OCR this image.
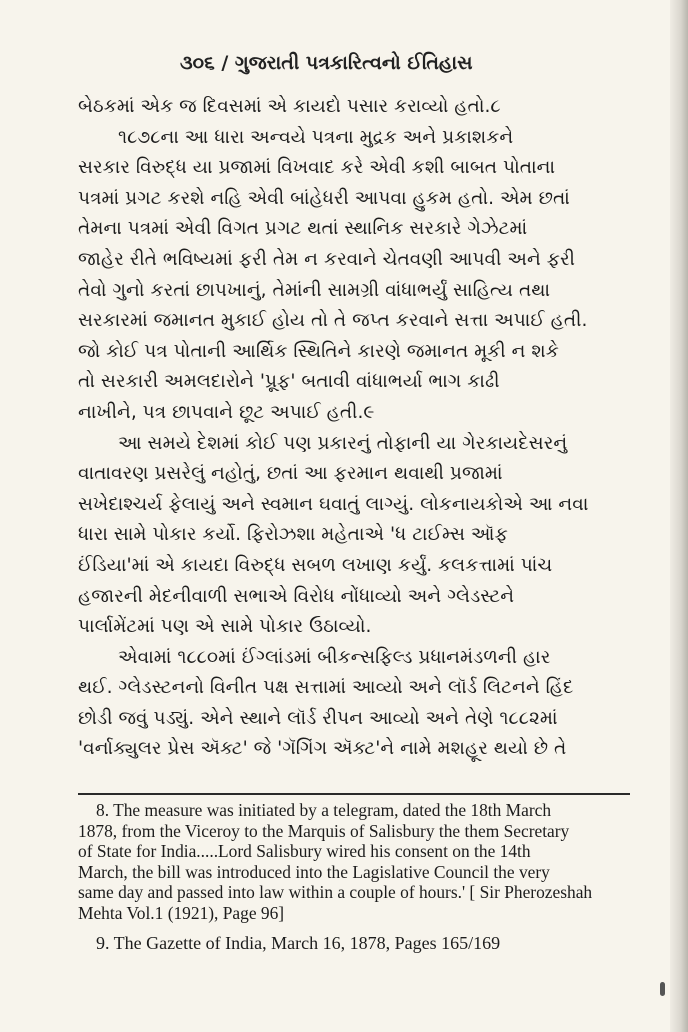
૩૦૬ / ગુજરાતી પત્રકારિત્વનો ઈતિહાસ
બેઠકમાં એક જ દિવસમાં એ કાયદો પસાર કરાવ્યો હતો.૮
૧૮૭૮ના આ ધારા અન્વયે પત્રના મુદ્રક અને પ્રકાશકને
સરકાર વિરુદ્ધ યા પ્રજામાં વિખવાદ કરે એવી કશી બાબત પોતાના
પત્રમાં પ્રગટ કરશે નહિ એવી બાંહેધરી આપવા હુકમ હતો. એમ છતાં
તેમના પત્રમાં એવી વિગત પ્રગટ થતાં સ્થાનિક સરકારે ગેઝેટમાં
જાહેર રીતે ભવિષ્યમાં ફરી તેમ ન કરવાને ચેતવણી આપવી અને ફરી
તેવો ગુનો કરતાં છાપખાનું, તેમાંની સામગ્રી વાંધાભર્યું સાહિત્ય તથા
સરકારમાં જમાનત મુકાઈ હોય તો તે જપ્ત કરવાને સત્તા અપાઈ હતી.
જો કોઈ પત્ર પોતાની આર્થિક સ્થિતિને કારણે જમાનત મૂકી ન શકે
તો સરકારી અમલદારોને 'પ્રૂફ' બતાવી વાંધાભર્યા ભાગ કાઢી
નાખીને, પત્ર છાપવાને છૂટ અપાઈ હતી.૯
આ સમયે દેશમાં કોઈ પણ પ્રકારનું તોફાની યા ગેરકાયદેસરનું
વાતાવરણ પ્રસરેલું નહોતું, છતાં આ ફરમાન થવાથી પ્રજામાં
સખેદાશ્ચર્ય ફેલાયું અને સ્વમાન ઘવાતું લાગ્યું. લોકનાયકોએ આ નવા
ધારા સામે પોકાર કર્યો. ફિરોઝશા મહેતાએ 'ધ ટાઈમ્સ ઑફ
ઈંડિયા'માં એ કાયદા વિરુદ્ધ સબળ લખાણ કર્યું. કલકત્તામાં પાંચ
હજારની મેદનીવાળી સભાએ વિરોધ નોંધાવ્યો અને ગ્લેડસ્ટને
પાર્લામેંટમાં પણ એ સામે પોકાર ઉઠાવ્યો.
એવામાં ૧૮૮૦માં ઈંગ્લાંડમાં બીકન્સફિલ્ડ પ્રધાનમંડળની હાર
થઈ. ગ્લેડસ્ટનનો વિનીત પક્ષ સત્તામાં આવ્યો અને લૉર્ડ લિટનને હિંદ
છોડી જવું પડ્યું. એને સ્થાને લૉર્ડ રીપન આવ્યો અને તેણે ૧૮૮૨માં
'વર્નાક્યુલર પ્રેસ ઍક્ટ' જે 'ગૅગિંગ ઍક્ટ'ને નામે મશહૂર થયો છે તે
8. The measure was initiated by a telegram, dated the 18th March
1878, from the Viceroy to the Marquis of Salisbury the them Secretary
of State for India.....Lord Salisbury wired his consent on the 14th
March, the bill was introduced into the Lagislative Council the very
same day and passed into law within a couple of hours.' [ Sir Pherozeshah
Mehta Vol.1 (1921), Page 96]
9. The Gazette of India, March 16, 1878, Pages 165/169
